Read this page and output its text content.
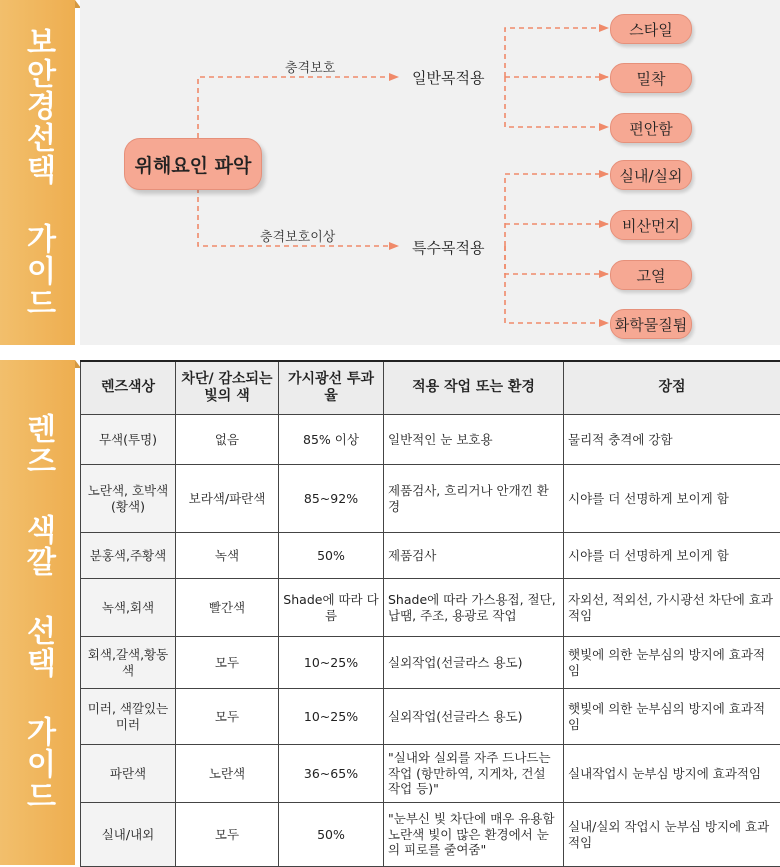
보안경선택 가이드
렌즈 색깔 선택 가이드
위해요인 파악
충격보호
충격보호이상
일반목적용
특수목적용
스타일
밀착
편안함
실내/실외
비산먼지
고열
화학물질튐
렌즈색상	차단/ 감소되는 빛의 색	가시광선 투과율	적용 작업 또는 환경	장점
무색(투명)	없음	85% 이상	일반적인 눈 보호용	물리적 충격에 강함
노란색, 호박색(황색)	보라색/파란색	85~92%	제품검사, 흐리거나 안개낀 환경	시야를 더 선명하게 보이게 함
분홍색,주황색	녹색	50%	제품검사	시야를 더 선명하게 보이게 함
녹색,회색	빨간색	Shade에 따라 다름	Shade에 따라 가스용접, 절단, 납땜, 주조, 용광로 작업	자외선, 적외선, 가시광선 차단에 효과적임
회색,갈색,황동색	모두	10~25%	실외작업(선글라스 용도)	햇빛에 의한 눈부심의 방지에 효과적임
미러, 색깔있는 미러	모두	10~25%	실외작업(선글라스 용도)	햇빛에 의한 눈부심의 방지에 효과적임
파란색	노란색	36~65%	"실내와 실외를 자주 드나드는 작업 (항만하역, 지게차, 건설 작업 등)"	실내작업시 눈부심 방지에 효과적임
실내/내외	모두	50%	"눈부신 빛 차단에 매우 유용함 노란색 빛이 많은 환경에서 눈의 피로를 줄여줌"	실내/실외 작업시 눈부심 방지에 효과적임
